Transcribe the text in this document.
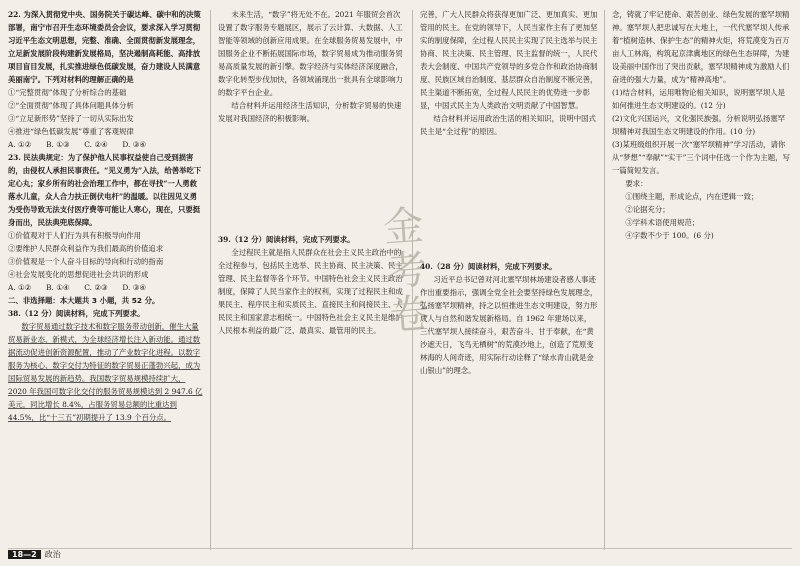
22. 为深入贯彻党中央、国务院关于碳达峰、碳中和的决策部署，南宁市召开生态环境委员会会议，要求深入学习贯彻习近平生态文明思想，完整、准确、全面贯彻新发展理念，立足新发展阶段构建新发展格局，坚决遏制高耗能、高排放项目盲目发展，扎实推进绿色低碳发展，奋力建设人民满意美丽南宁。下列对材料的理解正确的是

①“完整贯彻”体现了分析综合的基础

②“全面贯彻”体现了具体问题具体分析

③“立足新形势”坚持了一切从实际出发

④推进“绿色低碳发展”尊重了客观规律

A. ①②　　B. ①③　　C. ②④　　D. ③④

23. 民法典规定：为了保护他人民事权益使自己受到损害的，由侵权人承担民事责任。“见义勇为”入法，给善举吃下定心丸；家乡所有的社会治理工作中，都在寻找“一人勇救落水儿童，众人合力扶正倒伏电杆”的温暖。以往因见义勇为受伤导致无法支付医疗费等可能让人寒心，现在，只要挺身而出，民法典兜底保障。

①价值观对于人们行为具有积极导向作用

②要维护人民群众利益作为我们最高的价值追求

③价值观是一个人奋斗目标的导向和行动的指南

④社会发展变化的思想促进社会共识的形成

A. ①②　　B. ①④　　C. ②③　　D. ③④

二、非选择题：本大题共 3 小题，共 52 分。

38.（12 分）阅读材料，完成下列要求。

数字贸易通过数字技术和数字服务带动创新，催生大量贸易新业态、新模式，为全球经济增长注入新动能。通过数据流动促进创新资源配置，推动了产业数字化进程。以数字服务为核心、数字交付为特征的数字贸易正蓬勃兴起，成为国际贸易发展的新趋势。我国数字贸易规模持续扩大，2020 年我国可数字化交付的服务贸易规模达到 2 947.6 亿美元，同比增长 8.4%，占服务贸易总额的比重达到 44.5%，比“十三五”初期提升了 13.9 个百分点。

未来生活，“数字”将无处不在。2021 年服贸会首次设置了数字服务专题展区，展示了云计算、大数据、人工智能等领域的创新应用成果。在全球服务贸易发展中，中国服务企业不断拓展国际市场，数字贸易成为推动服务贸易高质量发展的新引擎。数字经济与实体经济深度融合，数字化转型步伐加快，各领域涌现出一批具有全球影响力的数字平台企业。

结合材料并运用经济生活知识，分析数字贸易的快速发展对我国经济的积极影响。

39.（12 分）阅读材料，完成下列要求。

全过程民主就是指人民群众在社会主义民主政治中的全过程参与，包括民主选举、民主协商、民主决策、民主管理、民主监督等各个环节。中国特色社会主义民主政治制度，保障了人民当家作主的权利，实现了过程民主和成果民主、程序民主和实质民主、直接民主和间接民主、人民民主和国家意志相统一。中国特色社会主义民主是维护人民根本利益的最广泛、最真实、最管用的民主。

金考卷

完善，广大人民群众将获得更加广泛、更加真实、更加管用的民主。在党的领导下，人民当家作主有了更加坚实的制度保障，全过程人民民主实现了民主选举与民主协商、民主决策、民主管理、民主监督的统一，人民代表大会制度、中国共产党领导的多党合作和政治协商制度、民族区域自治制度、基层群众自治制度不断完善，民主渠道不断拓宽，全过程人民民主的优势进一步彰显，中国式民主为人类政治文明贡献了中国智慧。

结合材料并运用政治生活的相关知识，说明中国式民主是“全过程”的原因。

40.（28 分）阅读材料，完成下列要求。

习近平总书记曾对河北塞罕坝林场建设者感人事迹作出重要指示，强调全党全社会要坚持绿色发展理念，弘扬塞罕坝精神，持之以恒推进生态文明建设，努力形成人与自然和谐发展新格局。自 1962 年建场以来，三代塞罕坝人接续奋斗，艰苦奋斗、甘于奉献，在“黄沙遮天日，飞鸟无栖树”的荒漠沙地上，创造了荒原变林海的人间奇迹，用实际行动诠释了“绿水青山就是金山银山”的理念。

念，铸就了牢记使命、艰苦创业、绿色发展的塞罕坝精神。塞罕坝人把忠诚写在大地上，一代代塞罕坝人传承着“植树造林、保护生态”的精神火炬，将荒漠变为百万亩人工林海，构筑起京津冀地区的绿色生态屏障，为建设美丽中国作出了突出贡献，塞罕坝精神成为激励人们奋进的强大力量，成为“精神高地”。

(1)结合材料，运用唯物论相关知识，说明塞罕坝人是如何推进生态文明建设的。(12 分)

(2)文化兴国运兴，文化强民族强。分析说明弘扬塞罕坝精神对我国生态文明建设的作用。(10 分)

(3)某班级组织开展一次“塞罕坝精神”学习活动，请你从“梦想”“奉献”“实干”三个词中任选一个作为主题，写一篇简短发言。

要求：

①围绕主题，形成论点，内在逻辑一致；

②论据充分；

③学科术语使用规范；

④字数不少于 100。(6 分)

18—2	政治
